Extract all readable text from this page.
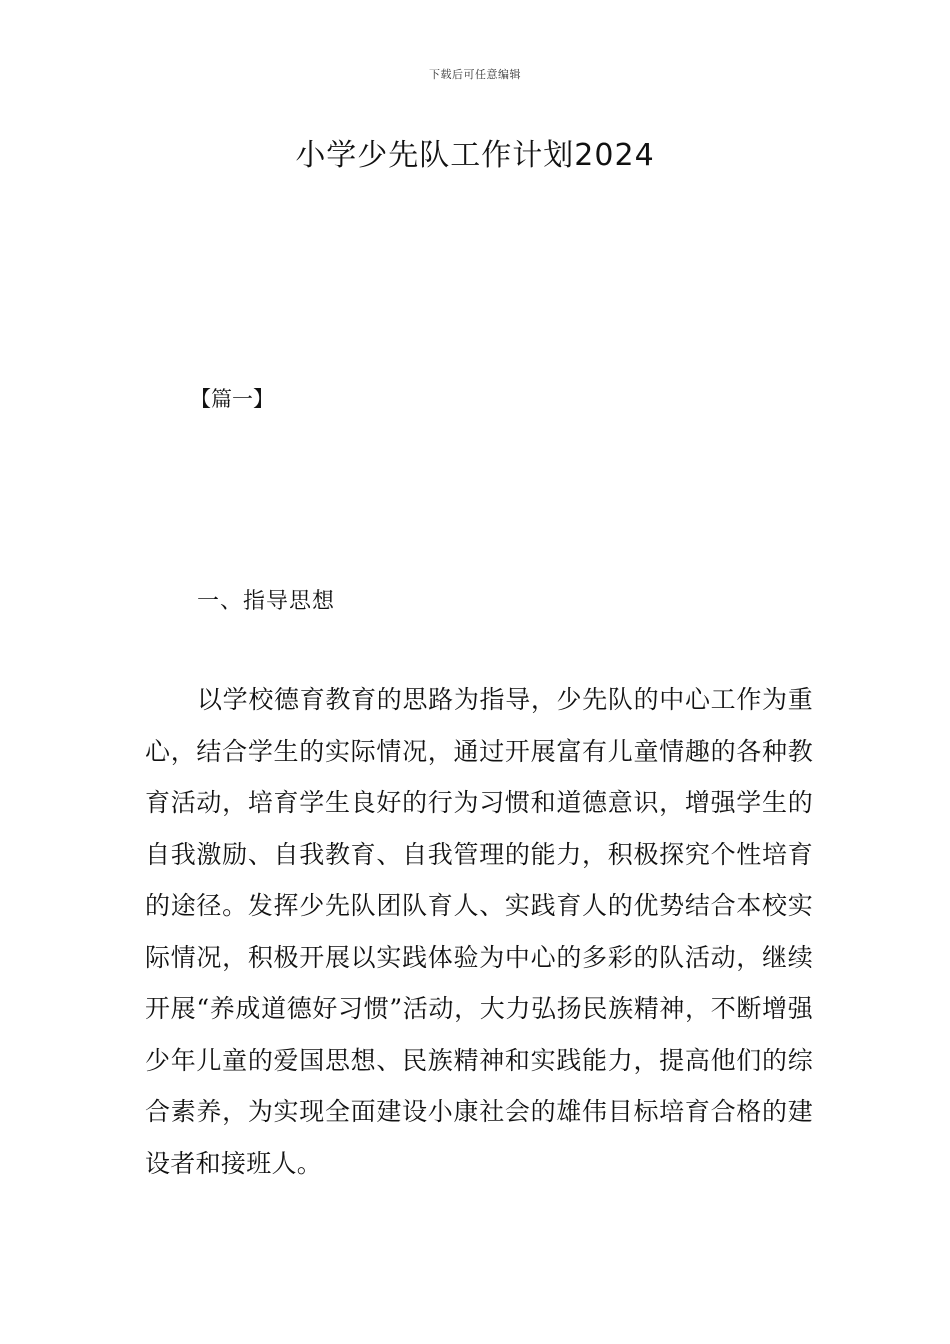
下载后可任意编辑
小学少先队工作计划2024
【篇一】
一、指导思想

以学校德育教育的思路为指导，少先队的中心工作为重心，结合学生的实际情况，通过开展富有儿童情趣的各种教育活动，培育学生良好的行为习惯和道德意识，增强学生的自我激励、自我教育、自我管理的能力，积极探究个性培育的途径。发挥少先队团队育人、实践育人的优势结合本校实际情况，积极开展以实践体验为中心的多彩的队活动，继续开展“养成道德好习惯”活动，大力弘扬民族精神，不断增强少年儿童的爱国思想、民族精神和实践能力，提高他们的综合素养，为实现全面建设小康社会的雄伟目标培育合格的建设者和接班人。
